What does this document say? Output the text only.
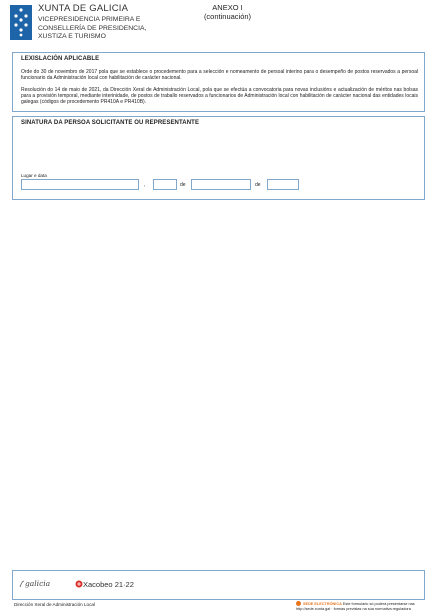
XUNTA DE GALICIA
VICEPRESIDENCIA PRIMEIRA E
CONSELLERÍA DE PRESIDENCIA,
XUSTIZA E TURISMO
ANEXO I
(continuación)
LEXISLACIÓN APLICABLE
Orde do 30 de novembro de 2017 pola que se establece o procedemento para a selección e nomeamento de persoal interino para o desempeño de postos reservados a persoal funcionario da Administración local con habilitación de carácter nacional.
Resolución do 14 de maio de 2021, da Dirección Xeral de Administración Local, pola que se efectúa a convocatoria para novas inclusións e actualización de méritos nas bolsas para a provisión temporal, mediante interinidade, de postos de traballo reservados a funcionarios de Administración local con habilitación de carácter nacional das entidades locais galegas (códigos de procedemento PR410A e PR410B).
SINATURA DA PERSOA SOLICITANTE OU REPRESENTANTE
Lugar e data
,	de	de
galicia	Xacobeo 21·22
Dirección Xeral de Administración Local	SEDE ELECTRÓNICA Este formulario só poderá presentarse nas
http://sede.xunta.gal · formas previstas na súa normativa reguladora
